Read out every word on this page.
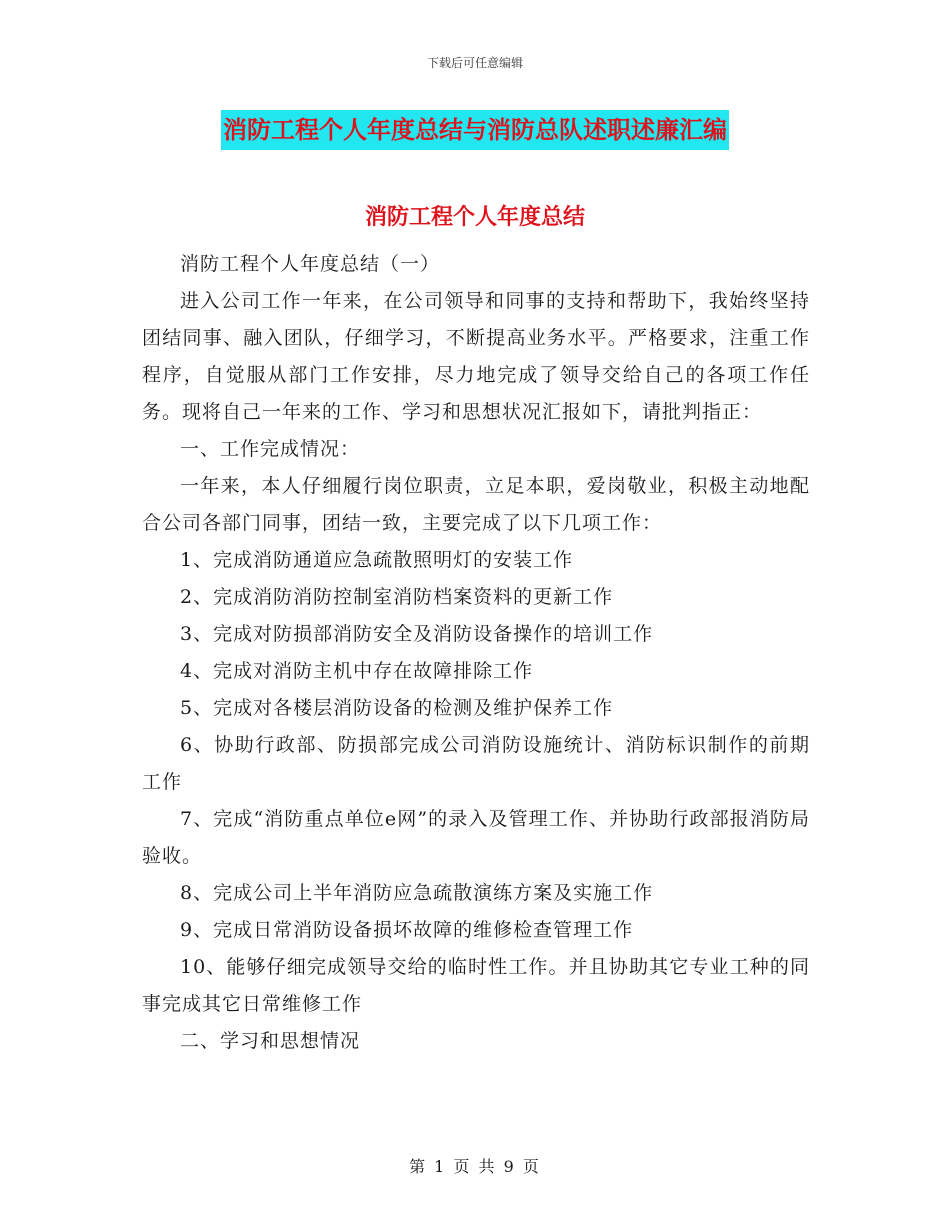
下载后可任意编辑
消防工程个人年度总结与消防总队述职述廉汇编
消防工程个人年度总结

消防工程个人年度总结（一）

进入公司工作一年来，在公司领导和同事的支持和帮助下，我始终坚持团结同事、融入团队，仔细学习，不断提高业务水平。严格要求，注重工作程序，自觉服从部门工作安排，尽力地完成了领导交给自己的各项工作任务。现将自己一年来的工作、学习和思想状况汇报如下，请批判指正：

一、工作完成情况：

一年来，本人仔细履行岗位职责，立足本职，爱岗敬业，积极主动地配合公司各部门同事，团结一致，主要完成了以下几项工作：

1、完成消防通道应急疏散照明灯的安装工作

2、完成消防消防控制室消防档案资料的更新工作

3、完成对防损部消防安全及消防设备操作的培训工作

4、完成对消防主机中存在故障排除工作

5、完成对各楼层消防设备的检测及维护保养工作

6、协助行政部、防损部完成公司消防设施统计、消防标识制作的前期工作

7、完成“消防重点单位e网”的录入及管理工作、并协助行政部报消防局验收。

8、完成公司上半年消防应急疏散演练方案及实施工作

9、完成日常消防设备损坏故障的维修检查管理工作

10、能够仔细完成领导交给的临时性工作。并且协助其它专业工种的同事完成其它日常维修工作

二、学习和思想情况

第 1 页 共 9 页
